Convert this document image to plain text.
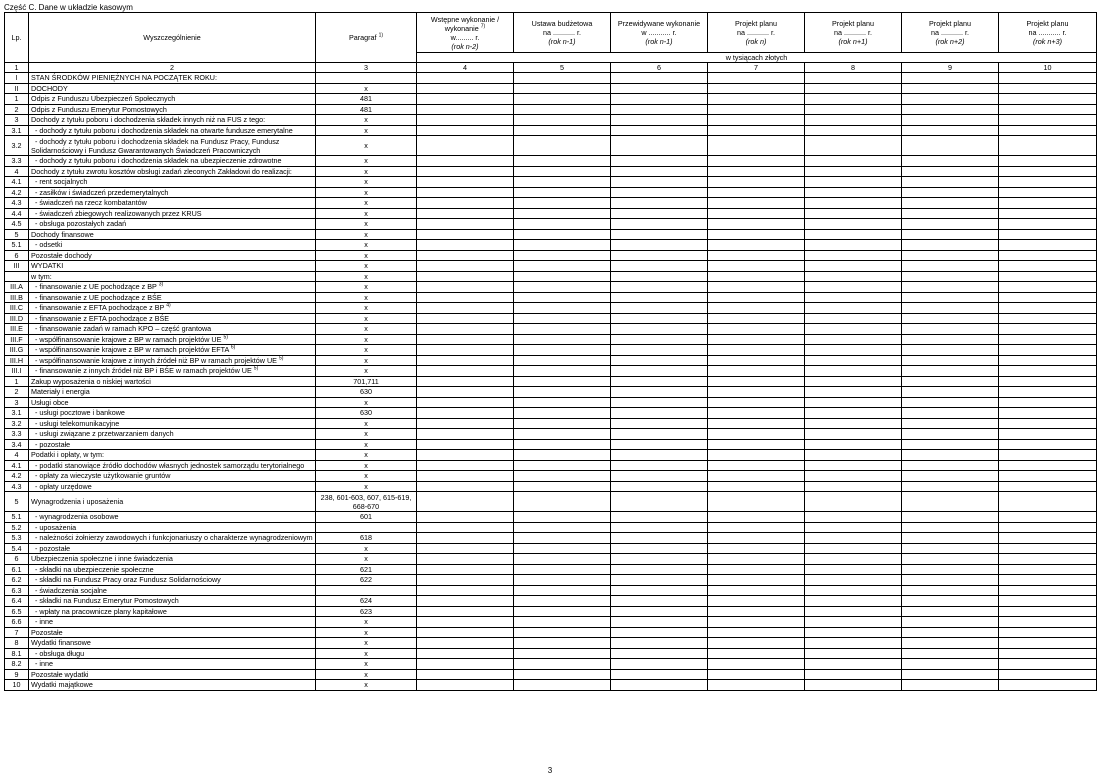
Część C. Dane w układzie kasowym
Lp.	Wyszczególnienie	Paragraf $^{1)}$	Wstępne wykonanie /
wykonanie $^{7)}$
w......... r.
(rok n-2)	Ustawa budżetowa
na ........... r.
(rok n-1)	Przewidywane wykonanie
w ........... r.
(rok n-1)	Projekt planu
na ........... r.
(rok n)	Projekt planu
na ........... r.
(rok n+1)	Projekt planu
na ........... r.
(rok n+2)	Projekt planu
na ........... r.
(rok n+3)

			w tysiącach złotych						
1	2	3	4	5	6	7	8	9	10
I	STAN ŚRODKÓW PIENIĘŻNYCH NA POCZĄTEK ROKU:								
II	DOCHODY	x							
1	Odpis z Funduszu Ubezpieczeń Społecznych	481							
2	Odpis z Funduszu Emerytur Pomostowych	481							
3	Dochody z tytułu poboru i dochodzenia składek innych niż na FUS z tego:	x							
3.1	- dochody z tytułu poboru i dochodzenia składek na otwarte fundusze emerytalne	x							
3.2	- dochody z tytułu poboru i dochodzenia składek na Fundusz Pracy, Fundusz Solidarnościowy i Fundusz Gwarantowanych Świadczeń Pracowniczych	x							
3.3	- dochody z tytułu poboru i dochodzenia składek na ubezpieczenie zdrowotne	x							
4	Dochody z tytułu zwrotu kosztów obsługi zadań zleconych Zakładowi do realizacji:	x							
4.1	- rent socjalnych	x							
4.2	- zasiłków i świadczeń przedemerytalnych	x							
4.3	- świadczeń na rzecz kombatantów	x							
4.4	- świadczeń zbiegowych realizowanych przez KRUS	x							
4.5	- obsługa pozostałych zadań	x							
5	Dochody finansowe	x							
5.1	- odsetki	x							
6	Pozostałe dochody	x							
III	WYDATKI	x							
	w tym:	x							
III.A	- finansowanie z UE pochodzące z BP $^{3)}$	x							
III.B	- finansowanie z UE pochodzące z BŚE	x							
III.C	- finansowanie z EFTA pochodzące z BP $^{4)}$	x							
III.D	- finansowanie z EFTA pochodzące z BŚE	x							
III.E	- finansowanie zadań w ramach KPO – część grantowa	x							
III.F	- współfinansowanie krajowe z BP w ramach projektów UE $^{5)}$	x							
III.G	- współfinansowanie krajowe z BP w ramach projektów EFTA $^{6)}$	x							
III.H	- współfinansowanie krajowe z innych źródeł niż BP w ramach projektów UE $^{5)}$	x							
III.I	- finansowanie z innych źródeł niż BP i BŚE w ramach projektów UE $^{5)}$	x							
1	Zakup wyposażenia o niskiej wartości	701,711							
2	Materiały i energia	630							
3	Usługi obce	x							
3.1	- usługi pocztowe i bankowe	630							
3.2	- usługi telekomunikacyjne	x							
3.3	- usługi związane z przetwarzaniem danych	x							
3.4	- pozostałe	x							
4	Podatki i opłaty, w tym:	x							
4.1	- podatki stanowiące źródło dochodów własnych jednostek samorządu terytorialnego	x							
4.2	- opłaty za wieczyste użytkowanie gruntów	x							
4.3	- opłaty urzędowe	x							
5	Wynagrodzenia i uposażenia	238, 601-603, 607, 615-619, 668-670							
5.1	- wynagrodzenia osobowe	601							
5.2	- uposażenia								
5.3	- należności żołnierzy zawodowych i funkcjonariuszy o charakterze wynagrodzeniowym	618							
5.4	- pozostałe	x							
6	Ubezpieczenia społeczne i inne świadczenia	x							
6.1	- składki na ubezpieczenie społeczne	621							
6.2	- składki na Fundusz Pracy oraz Fundusz Solidarnościowy	622							
6.3	- świadczenia socjalne								
6.4	- składki na Fundusz Emerytur Pomostowych	624							
6.5	- wpłaty na pracownicze plany kapitałowe	623							
6.6	- inne	x							
7	Pozostałe	x							
8	Wydatki finansowe	x							
8.1	- obsługa długu	x							
8.2	- inne	x							
9	Pozostałe wydatki	x							
10	Wydatki majątkowe	x							
3
